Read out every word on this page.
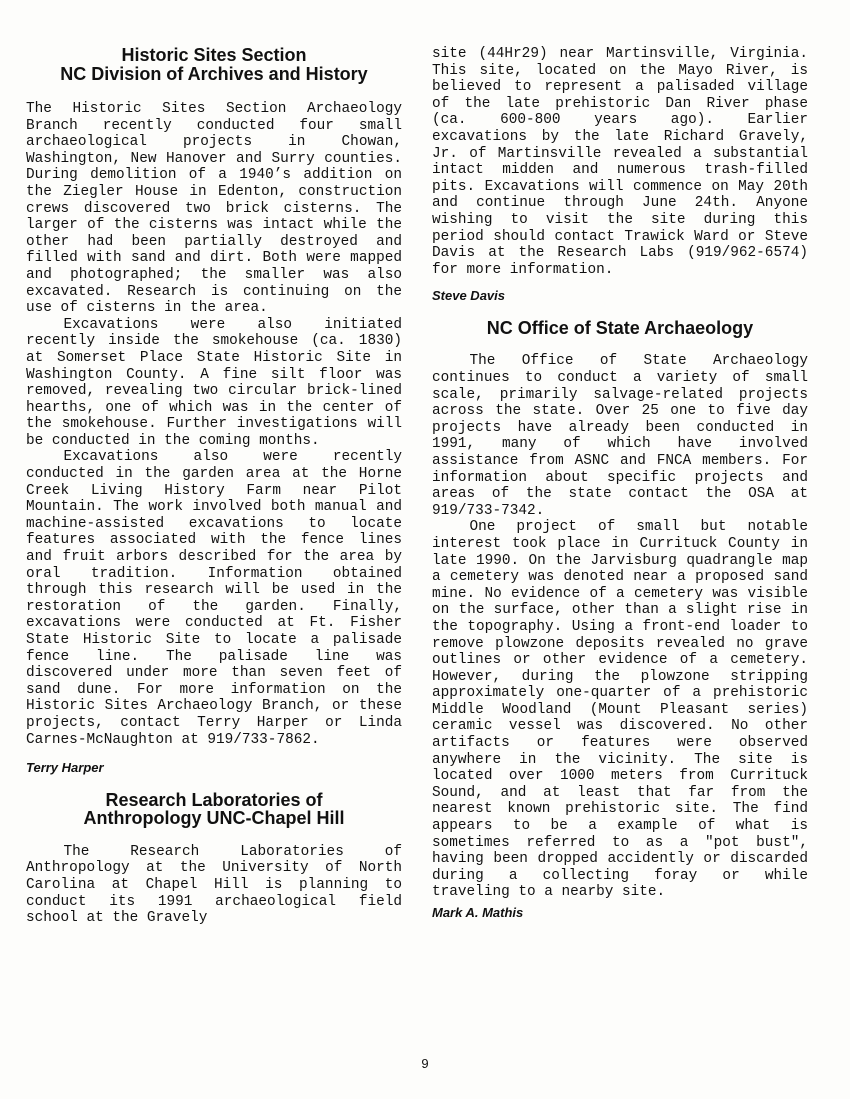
Historic Sites Section
NC Division of Archives and History

The Historic Sites Section Archaeology Branch recently conducted four small archaeological projects in Chowan, Washington, New Hanover and Surry counties. During demolition of a 1940’s addition on the Ziegler House in Edenton, construction crews discovered two brick cisterns. The larger of the cisterns was intact while the other had been partially destroyed and filled with sand and dirt. Both were mapped and photographed; the smaller was also excavated. Research is continuing on the use of cisterns in the area.

Excavations were also initiated recently inside the smokehouse (ca. 1830) at Somerset Place State Historic Site in Washington County. A fine silt floor was removed, revealing two circular brick-lined hearths, one of which was in the center of the smokehouse. Further investigations will be conducted in the coming months.

Excavations also were recently conducted in the garden area at the Horne Creek Living History Farm near Pilot Mountain. The work involved both manual and machine-assisted excavations to locate features associated with the fence lines and fruit arbors described for the area by oral tradition. Information obtained through this research will be used in the restoration of the garden. Finally, excavations were conducted at Ft. Fisher State Historic Site to locate a palisade fence line. The palisade line was discovered under more than seven feet of sand dune. For more information on the Historic Sites Archaeology Branch, or these projects, contact Terry Harper or Linda Carnes-McNaughton at 919/733-7862.

Terry Harper

Research Laboratories of
Anthropology UNC-Chapel Hill

The Research Laboratories of Anthropology at the University of North Carolina at Chapel Hill is planning to conduct its 1991 archaeological field school at the Gravely

site (44Hr29) near Martinsville, Virginia. This site, located on the Mayo River, is believed to represent a palisaded village of the late prehistoric Dan River phase (ca. 600-800 years ago). Earlier excavations by the late Richard Gravely, Jr. of Martinsville revealed a substantial intact midden and numerous trash-filled pits. Excavations will commence on May 20th and continue through June 24th. Anyone wishing to visit the site during this period should contact Trawick Ward or Steve Davis at the Research Labs (919/962-6574) for more information.

Steve Davis

NC Office of State Archaeology

The Office of State Archaeology continues to conduct a variety of small scale, primarily salvage-related projects across the state. Over 25 one to five day projects have already been conducted in 1991, many of which have involved assistance from ASNC and FNCA members. For information about specific projects and areas of the state contact the OSA at 919/733-7342.

One project of small but notable interest took place in Currituck County in late 1990. On the Jarvisburg quadrangle map a cemetery was denoted near a proposed sand mine. No evidence of a cemetery was visible on the surface, other than a slight rise in the topography. Using a front-end loader to remove plowzone deposits revealed no grave outlines or other evidence of a cemetery. However, during the plowzone stripping approximately one-quarter of a prehistoric Middle Woodland (Mount Pleasant series) ceramic vessel was discovered. No other artifacts or features were observed anywhere in the vicinity. The site is located over 1000 meters from Currituck Sound, and at least that far from the nearest known prehistoric site. The find appears to be a example of what is sometimes referred to as a "pot bust", having been dropped accidently or discarded during a collecting foray or while traveling to a nearby site.

Mark A. Mathis

9
